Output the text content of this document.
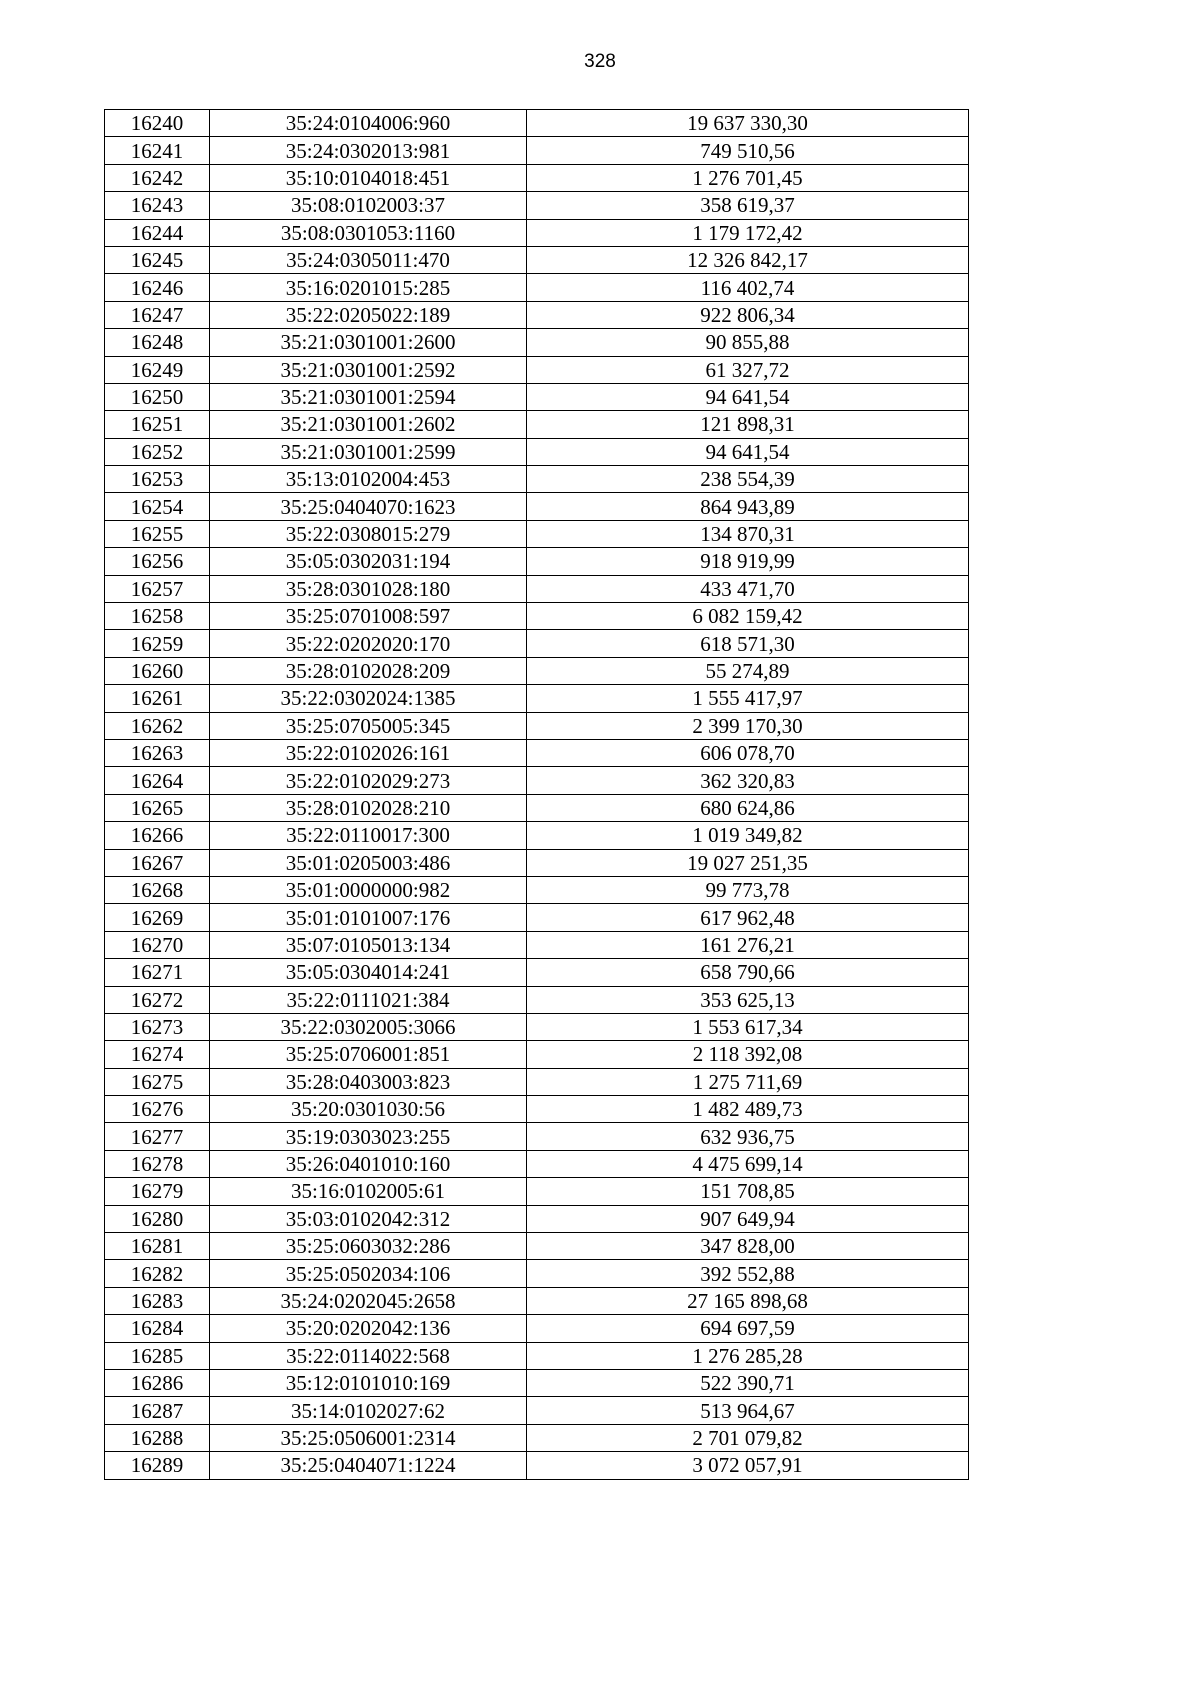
328
16240	35:24:0104006:960	19 637 330,30
16241	35:24:0302013:981	749 510,56
16242	35:10:0104018:451	1 276 701,45
16243	35:08:0102003:37	358 619,37
16244	35:08:0301053:1160	1 179 172,42
16245	35:24:0305011:470	12 326 842,17
16246	35:16:0201015:285	116 402,74
16247	35:22:0205022:189	922 806,34
16248	35:21:0301001:2600	90 855,88
16249	35:21:0301001:2592	61 327,72
16250	35:21:0301001:2594	94 641,54
16251	35:21:0301001:2602	121 898,31
16252	35:21:0301001:2599	94 641,54
16253	35:13:0102004:453	238 554,39
16254	35:25:0404070:1623	864 943,89
16255	35:22:0308015:279	134 870,31
16256	35:05:0302031:194	918 919,99
16257	35:28:0301028:180	433 471,70
16258	35:25:0701008:597	6 082 159,42
16259	35:22:0202020:170	618 571,30
16260	35:28:0102028:209	55 274,89
16261	35:22:0302024:1385	1 555 417,97
16262	35:25:0705005:345	2 399 170,30
16263	35:22:0102026:161	606 078,70
16264	35:22:0102029:273	362 320,83
16265	35:28:0102028:210	680 624,86
16266	35:22:0110017:300	1 019 349,82
16267	35:01:0205003:486	19 027 251,35
16268	35:01:0000000:982	99 773,78
16269	35:01:0101007:176	617 962,48
16270	35:07:0105013:134	161 276,21
16271	35:05:0304014:241	658 790,66
16272	35:22:0111021:384	353 625,13
16273	35:22:0302005:3066	1 553 617,34
16274	35:25:0706001:851	2 118 392,08
16275	35:28:0403003:823	1 275 711,69
16276	35:20:0301030:56	1 482 489,73
16277	35:19:0303023:255	632 936,75
16278	35:26:0401010:160	4 475 699,14
16279	35:16:0102005:61	151 708,85
16280	35:03:0102042:312	907 649,94
16281	35:25:0603032:286	347 828,00
16282	35:25:0502034:106	392 552,88
16283	35:24:0202045:2658	27 165 898,68
16284	35:20:0202042:136	694 697,59
16285	35:22:0114022:568	1 276 285,28
16286	35:12:0101010:169	522 390,71
16287	35:14:0102027:62	513 964,67
16288	35:25:0506001:2314	2 701 079,82
16289	35:25:0404071:1224	3 072 057,91
